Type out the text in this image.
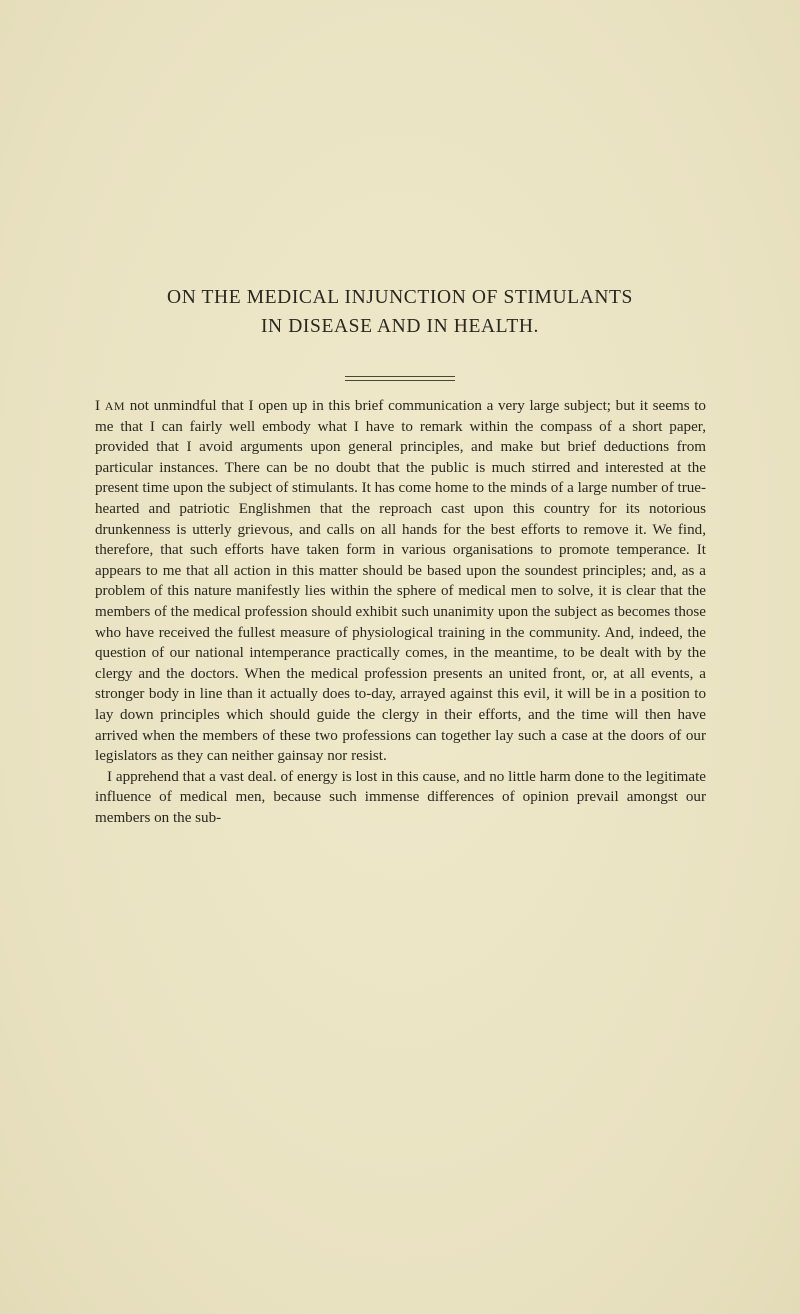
ON THE MEDICAL INJUNCTION OF STIMULANTS
IN DISEASE AND IN HEALTH.

I AM not unmindful that I open up in this brief communication a very large subject; but it seems to me that I can fairly well embody what I have to remark within the compass of a short paper, provided that I avoid arguments upon general principles, and make but brief deductions from particular instances. There can be no doubt that the public is much stirred and interested at the present time upon the subject of stimulants. It has come home to the minds of a large number of true-hearted and patriotic Englishmen that the reproach cast upon this country for its notorious drunkenness is utterly grievous, and calls on all hands for the best efforts to remove it. We find, therefore, that such efforts have taken form in various organisations to promote temperance. It appears to me that all action in this matter should be based upon the soundest principles; and, as a problem of this nature manifestly lies within the sphere of medical men to solve, it is clear that the members of the medical profession should exhibit such unanimity upon the subject as becomes those who have received the fullest measure of physiological training in the community. And, indeed, the question of our national intemperance practically comes, in the meantime, to be dealt with by the clergy and the doctors. When the medical profession presents an united front, or, at all events, a stronger body in line than it actually does to-day, arrayed against this evil, it will be in a position to lay down principles which should guide the clergy in their efforts, and the time will then have arrived when the members of these two professions can together lay such a case at the doors of our legislators as they can neither gainsay nor resist.

I apprehend that a vast deal. of energy is lost in this cause, and no little harm done to the legitimate influence of medical men, because such immense differences of opinion prevail amongst our members on the sub-
